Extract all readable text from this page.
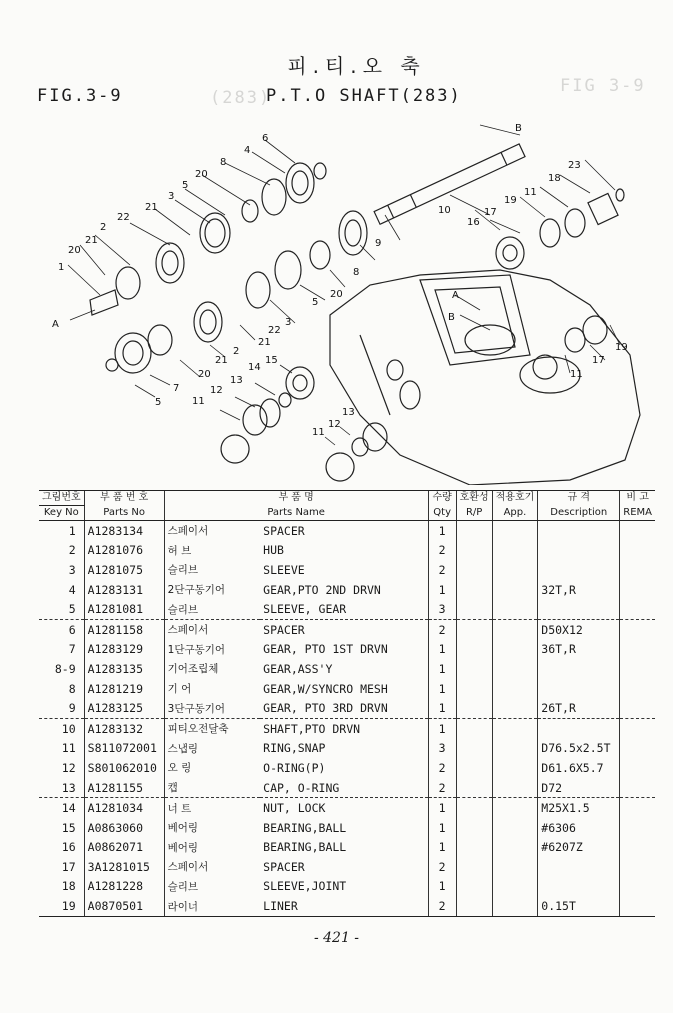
(283)
FIG 3-9
FIG.3-9
피.티.오 축
P.T.O SHAFT(283)
6
4
8
20
5
3
21
22
2
21
20
1
A
9
8
20
5
3
22
21
2
21
20
7
5
15
14
13
12
11
13
12
11
10
16
17
19
11
18
23
B
19
17
11
A
B
그림번호	부 품 번 호	부 품 명		수량	호환성	적용호기	규 격	비 고
Key No	Parts No	Parts Name		Qty	R/P	App.	Description	REMA
1	A1283134	스페이서	SPACER	1				
2	A1281076	허 브	HUB	2				
3	A1281075	슬리브	SLEEVE	2				
4	A1283131	2단구동기어	GEAR,PTO 2ND DRVN	1			32T,R	
5	A1281081	슬리브	SLEEVE, GEAR	3				
6	A1281158	스페이서	SPACER	2			D50X12	
7	A1283129	1단구동기어	GEAR, PTO 1ST DRVN	1			36T,R	
8-9	A1283135	기어조립체	GEAR,ASS'Y	1				
8	A1281219	기 어	GEAR,W/SYNCRO MESH	1				
9	A1283125	3단구동기어	GEAR, PTO 3RD DRVN	1			26T,R	
10	A1283132	피티오전달축	SHAFT,PTO DRVN	1				
11	S811072001	스냅링	RING,SNAP	3			D76.5x2.5T	
12	S801062010	오 링	O-RING(P)	2			D61.6X5.7	
13	A1281155	캡	CAP, O-RING	2			D72	
14	A1281034	너 트	NUT, LOCK	1			M25X1.5	
15	A0863060	베어링	BEARING,BALL	1			#6306	
16	A0862071	베어링	BEARING,BALL	1			#6207Z	
17	3A1281015	스페이서	SPACER	2				
18	A1281228	슬리브	SLEEVE,JOINT	1				
19	A0870501	라이너	LINER	2			0.15T	
- 421 -
